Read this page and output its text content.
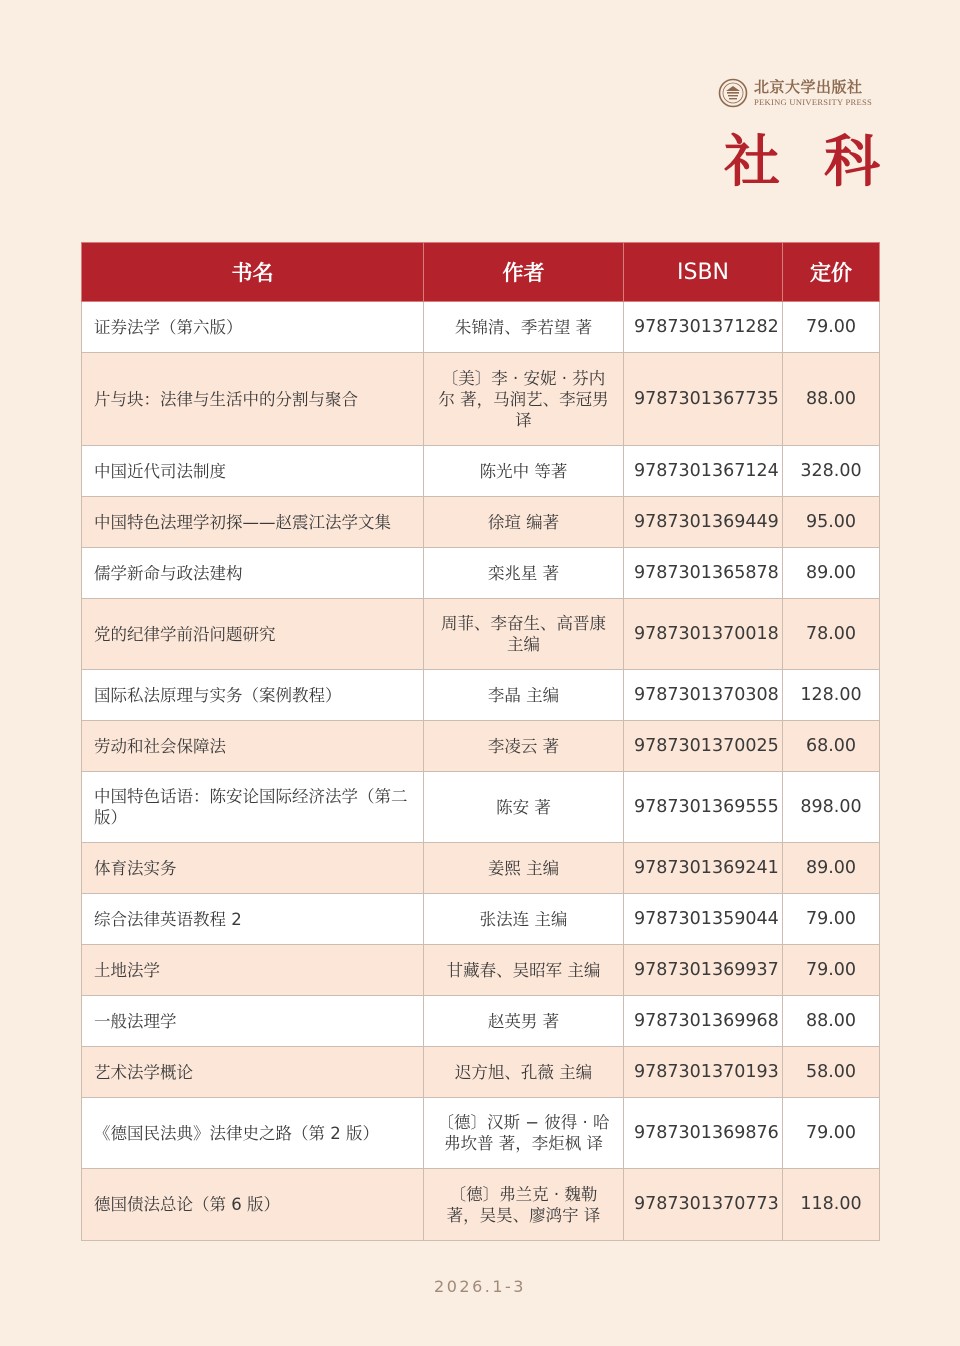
北京大学出版社
PEKING UNIVERSITY PRESS
社科
书名	作者	ISBN	定价
证券法学（第六版）	朱锦清、季若望 著	9787301371282	79.00
片与块：法律与生活中的分割与聚合	〔美〕李 · 安妮 · 芬内尔 著，马润艺、李冠男 译	9787301367735	88.00
中国近代司法制度	陈光中 等著	9787301367124	328.00
中国特色法理学初探——赵震江法学文集	徐瑄 编著	9787301369449	95.00
儒学新命与政法建构	栾兆星 著	9787301365878	89.00
党的纪律学前沿问题研究	周菲、李奋生、高晋康 主编	9787301370018	78.00
国际私法原理与实务（案例教程）	李晶 主编	9787301370308	128.00
劳动和社会保障法	李凌云 著	9787301370025	68.00
中国特色话语：陈安论国际经济法学（第二版）	陈安 著	9787301369555	898.00
体育法实务	姜熙 主编	9787301369241	89.00
综合法律英语教程 2	张法连 主编	9787301359044	79.00
土地法学	甘藏春、吴昭军 主编	9787301369937	79.00
一般法理学	赵英男 著	9787301369968	88.00
艺术法学概论	迟方旭、孔薇 主编	9787301370193	58.00
《德国民法典》法律史之路（第 2 版）	〔德〕汉斯 − 彼得 · 哈弗坎普 著，李炬枫 译	9787301369876	79.00
德国债法总论（第 6 版）	〔德〕弗兰克 · 魏勒 著，吴昊、廖鸿宇 译	9787301370773	118.00
2026.1-3
